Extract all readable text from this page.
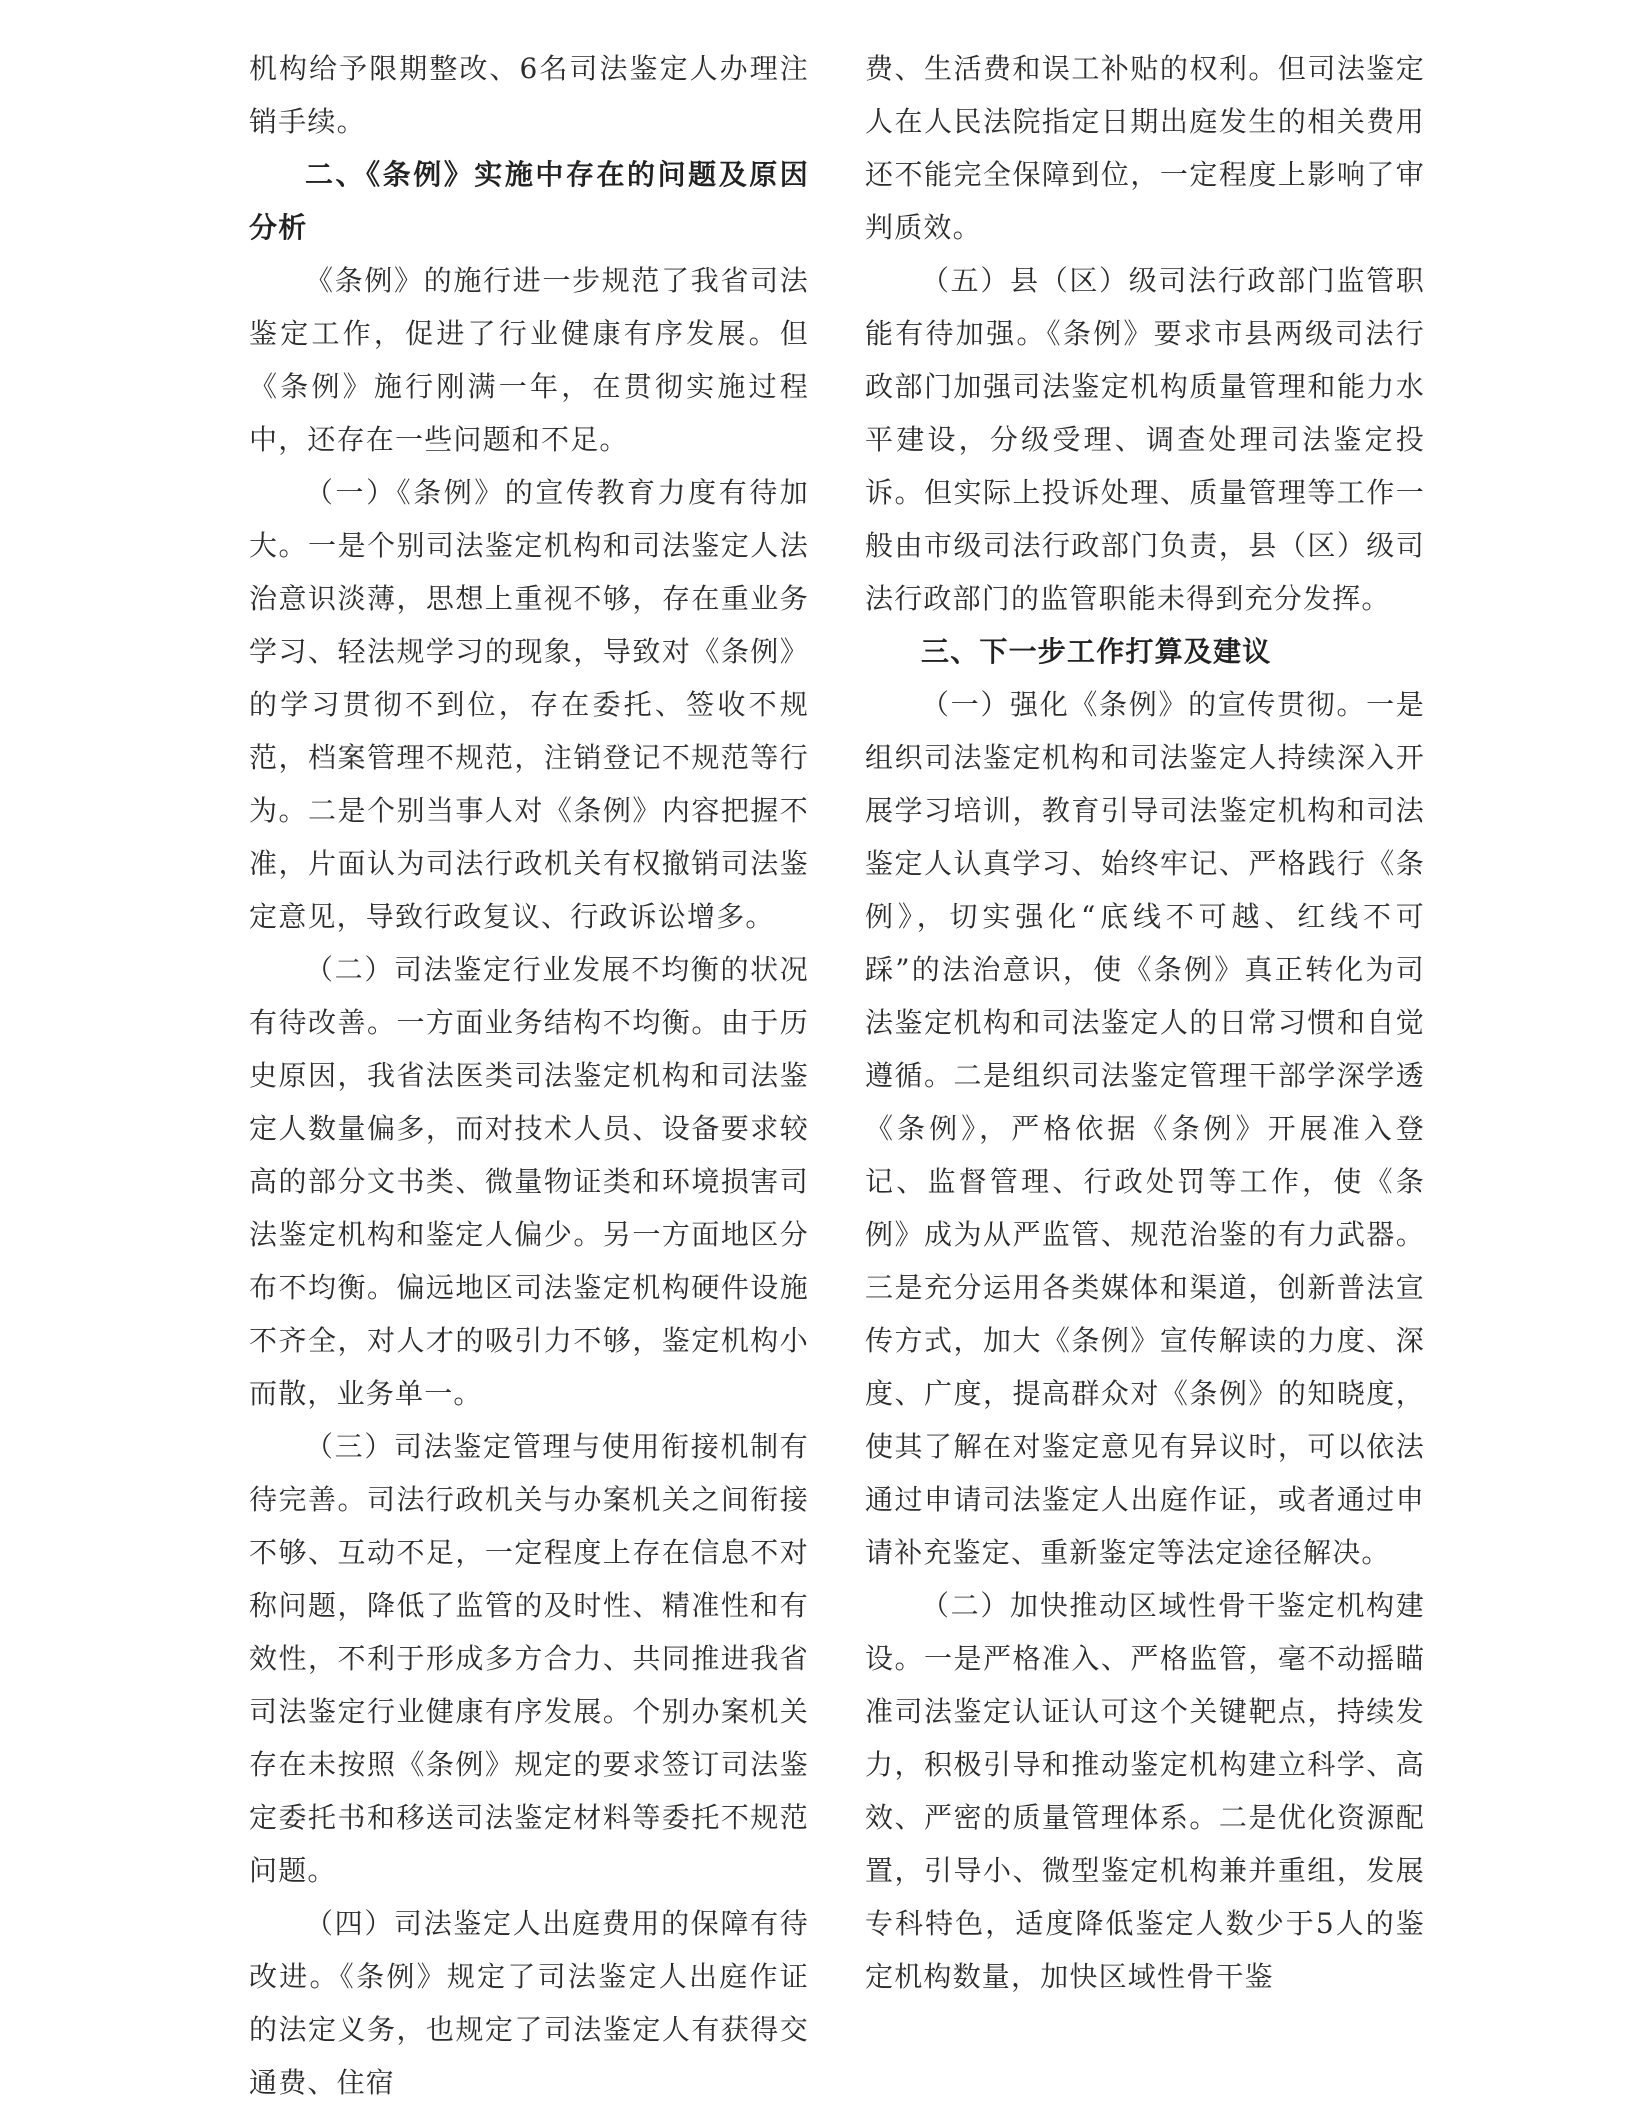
机构给予限期整改、6名司法鉴定人办理注销手续。

二、《条例》实施中存在的问题及原因分析

《条例》的施行进一步规范了我省司法鉴定工作，促进了行业健康有序发展。但《条例》施行刚满一年，在贯彻实施过程中，还存在一些问题和不足。

（一）《条例》的宣传教育力度有待加大。一是个别司法鉴定机构和司法鉴定人法治意识淡薄，思想上重视不够，存在重业务学习、轻法规学习的现象，导致对《条例》的学习贯彻不到位，存在委托、签收不规范，档案管理不规范，注销登记不规范等行为。二是个别当事人对《条例》内容把握不准，片面认为司法行政机关有权撤销司法鉴定意见，导致行政复议、行政诉讼增多。

（二）司法鉴定行业发展不均衡的状况有待改善。一方面业务结构不均衡。由于历史原因，我省法医类司法鉴定机构和司法鉴定人数量偏多，而对技术人员、设备要求较高的部分文书类、微量物证类和环境损害司法鉴定机构和鉴定人偏少。另一方面地区分布不均衡。偏远地区司法鉴定机构硬件设施不齐全，对人才的吸引力不够，鉴定机构小而散，业务单一。

（三）司法鉴定管理与使用衔接机制有待完善。司法行政机关与办案机关之间衔接不够、互动不足，一定程度上存在信息不对称问题，降低了监管的及时性、精准性和有效性，不利于形成多方合力、共同推进我省司法鉴定行业健康有序发展。个别办案机关存在未按照《条例》规定的要求签订司法鉴定委托书和移送司法鉴定材料等委托不规范问题。

（四）司法鉴定人出庭费用的保障有待改进。《条例》规定了司法鉴定人出庭作证的法定义务，也规定了司法鉴定人有获得交通费、住宿

费、生活费和误工补贴的权利。但司法鉴定人在人民法院指定日期出庭发生的相关费用还不能完全保障到位，一定程度上影响了审判质效。

（五）县（区）级司法行政部门监管职能有待加强。《条例》要求市县两级司法行政部门加强司法鉴定机构质量管理和能力水平建设，分级受理、调查处理司法鉴定投诉。但实际上投诉处理、质量管理等工作一般由市级司法行政部门负责，县（区）级司法行政部门的监管职能未得到充分发挥。

三、下一步工作打算及建议

（一）强化《条例》的宣传贯彻。一是组织司法鉴定机构和司法鉴定人持续深入开展学习培训，教育引导司法鉴定机构和司法鉴定人认真学习、始终牢记、严格践行《条例》，切实强化“底线不可越、红线不可踩”的法治意识，使《条例》真正转化为司法鉴定机构和司法鉴定人的日常习惯和自觉遵循。二是组织司法鉴定管理干部学深学透《条例》，严格依据《条例》开展准入登记、监督管理、行政处罚等工作，使《条例》成为从严监管、规范治鉴的有力武器。三是充分运用各类媒体和渠道，创新普法宣传方式，加大《条例》宣传解读的力度、深度、广度，提高群众对《条例》的知晓度，使其了解在对鉴定意见有异议时，可以依法通过申请司法鉴定人出庭作证，或者通过申请补充鉴定、重新鉴定等法定途径解决。

（二）加快推动区域性骨干鉴定机构建设。一是严格准入、严格监管，毫不动摇瞄准司法鉴定认证认可这个关键靶点，持续发力，积极引导和推动鉴定机构建立科学、高效、严密的质量管理体系。二是优化资源配置，引导小、微型鉴定机构兼并重组，发展专科特色，适度降低鉴定人数少于5人的鉴定机构数量，加快区域性骨干鉴
